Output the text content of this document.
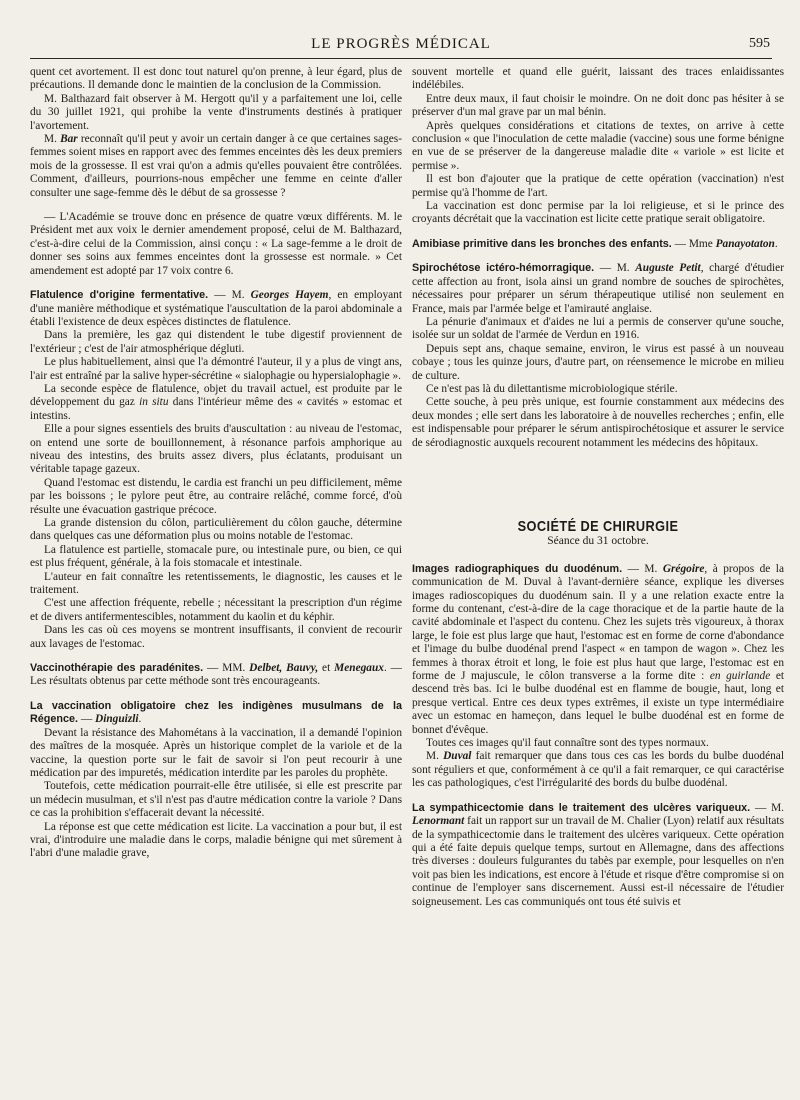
LE PROGRÈS MÉDICAL	595

quent cet avortement. Il est donc tout naturel qu'on prenne, à leur égard, plus de précautions. Il demande donc le maintien de la conclusion de la Commission.

M. Balthazard fait observer à M. Hergott qu'il y a parfaitement une loi, celle du 30 juillet 1921, qui prohibe la vente d'instruments destinés à pratiquer l'avortement.

M. Bar reconnaît qu'il peut y avoir un certain danger à ce que certaines sages-femmes soient mises en rapport avec des femmes enceintes dès les deux premiers mois de la grossesse. Il est vrai qu'on a admis qu'elles pouvaient être contrôlées. Comment, d'ailleurs, pourrions-nous empêcher une femme en ceinte d'aller consulter une sage-femme dès le début de sa grossesse ?

— L'Académie se trouve donc en présence de quatre vœux différents. M. le Président met aux voix le dernier amendement proposé, celui de M. Balthazard, c'est-à-dire celui de la Commission, ainsi conçu : « La sage-femme a le droit de donner ses soins aux femmes enceintes dont la grossesse est normale. » Cet amendement est adopté par 17 voix contre 6.

Flatulence d'origine fermentative. — M. Georges Hayem, en employant d'une manière méthodique et systématique l'auscultation de la paroi abdominale a établi l'existence de deux espèces distinctes de flatulence.

Dans la première, les gaz qui distendent le tube digestif proviennent de l'extérieur ; c'est de l'air atmosphérique dégluti.

Le plus habituellement, ainsi que l'a démontré l'auteur, il y a plus de vingt ans, l'air est entraîné par la salive hyper-sécrétine « sialophagie ou hypersialophagie ».

La seconde espèce de flatulence, objet du travail actuel, est produite par le développement du gaz in situ dans l'intérieur même des « cavités » estomac et intestins.

Elle a pour signes essentiels des bruits d'auscultation : au niveau de l'estomac, on entend une sorte de bouillonnement, à résonance parfois amphorique au niveau des intestins, des bruits assez divers, plus éclatants, produisant un véritable tapage gazeux.

Quand l'estomac est distendu, le cardia est franchi un peu difficilement, même par les boissons ; le pylore peut être, au contraire relâché, comme forcé, d'où résulte une évacuation gastrique précoce.

La grande distension du côlon, particulièrement du côlon gauche, détermine dans quelques cas une déformation plus ou moins notable de l'estomac.

La flatulence est partielle, stomacale pure, ou intestinale pure, ou bien, ce qui est plus fréquent, générale, à la fois stomacale et intestinale.

L'auteur en fait connaître les retentissements, le diagnostic, les causes et le traitement.

C'est une affection fréquente, rebelle ; nécessitant la prescription d'un régime et de divers antifermentescibles, notamment du kaolin et du képhir.

Dans les cas où ces moyens se montrent insuffisants, il convient de recourir aux lavages de l'estomac.

Vaccinothérapie des paradénites. — MM. Delbet, Bauvy, et Menegaux. — Les résultats obtenus par cette méthode sont très encourageants.

La vaccination obligatoire chez les indigènes musulmans de la Régence. — Dinguizli.

Devant la résistance des Mahométans à la vaccination, il a demandé l'opinion des maîtres de la mosquée. Après un historique complet de la variole et de la vaccine, la question porte sur le fait de savoir si l'on peut recourir à une médication par des impuretés, médication interdite par les paroles du prophète.

Toutefois, cette médication pourrait-elle être utilisée, si elle est prescrite par un médecin musulman, et s'il n'est pas d'autre médication contre la variole ? Dans ce cas la prohibition s'effacerait devant la nécessité.

La réponse est que cette médication est licite. La vaccination a pour but, il est vrai, d'introduire une maladie dans le corps, maladie bénigne qui met sûrement à l'abri d'une maladie grave,

souvent mortelle et quand elle guérit, laissant des traces enlaidissantes indélébiles.

Entre deux maux, il faut choisir le moindre. On ne doit donc pas hésiter à se préserver d'un mal grave par un mal bénin.

Après quelques considérations et citations de textes, on arrive à cette conclusion « que l'inoculation de cette maladie (vaccine) sous une forme bénigne en vue de se préserver de la dangereuse maladie dite « variole » est licite et permise ».

Il est bon d'ajouter que la pratique de cette opération (vaccination) n'est permise qu'à l'homme de l'art.

La vaccination est donc permise par la loi religieuse, et si le prince des croyants décrétait que la vaccination est licite cette pratique serait obligatoire.

Amibiase primitive dans les bronches des enfants. — Mme Panayotaton.

Spirochétose ictéro-hémorragique. — M. Auguste Petit, chargé d'étudier cette affection au front, isola ainsi un grand nombre de souches de spirochètes, nécessaires pour préparer un sérum thérapeutique utilisé non seulement en France, mais par l'armée belge et l'amirauté anglaise.

La pénurie d'animaux et d'aides ne lui a permis de conserver qu'une souche, isolée sur un soldat de l'armée de Verdun en 1916.

Depuis sept ans, chaque semaine, environ, le virus est passé à un nouveau cobaye ; tous les quinze jours, d'autre part, on réensemence le microbe en milieu de culture.

Ce n'est pas là du dilettantisme microbiologique stérile.

Cette souche, à peu près unique, est fournie constamment aux médecins des deux mondes ; elle sert dans les laboratoire à de nouvelles recherches ; enfin, elle est indispensable pour préparer le sérum antispirochétosique et assurer le service de sérodiagnostic auxquels recourent notamment les médecins des hôpitaux.

SOCIÉTÉ DE CHIRURGIE
Séance du 31 octobre.

Images radiographiques du duodénum. — M. Grégoire, à propos de la communication de M. Duval à l'avant-dernière séance, explique les diverses images radioscopiques du duodénum sain. Il y a une relation exacte entre la forme du contenant, c'est-à-dire de la cage thoracique et de la partie haute de la cavité abdominale et l'aspect du contenu. Chez les sujets très vigoureux, à thorax large, le foie est plus large que haut, l'estomac est en forme de corne d'abondance et l'image du bulbe duodénal prend l'aspect « en tampon de wagon ». Chez les femmes à thorax étroit et long, le foie est plus haut que large, l'estomac est en forme de J majuscule, le côlon transverse a la forme dite : en guirlande et descend très bas. Ici le bulbe duodénal est en flamme de bougie, haut, long et presque vertical. Entre ces deux types extrêmes, il existe un type intermédiaire avec un estomac en hameçon, dans lequel le bulbe duodénal est en forme de bonnet d'évêque.

Toutes ces images qu'il faut connaître sont des types normaux.

M. Duval fait remarquer que dans tous ces cas les bords du bulbe duodénal sont réguliers et que, conformément à ce qu'il a fait remarquer, ce qui caractérise les cas pathologiques, c'est l'irrégularité des bords du bulbe duodénal.

La sympathicectomie dans le traitement des ulcères variqueux. — M. Lenormant fait un rapport sur un travail de M. Chalier (Lyon) relatif aux résultats de la sympathicectomie dans le traitement des ulcères variqueux. Cette opération qui a été faite depuis quelque temps, surtout en Allemagne, dans des affections très diverses : douleurs fulgurantes du tabès par exemple, pour lesquelles on n'en voit pas bien les indications, est encore à l'étude et risque d'être compromise si on continue de l'employer sans discernement. Aussi est-il nécessaire de l'étudier soigneusement. Les cas communiqués ont tous été suivis et
